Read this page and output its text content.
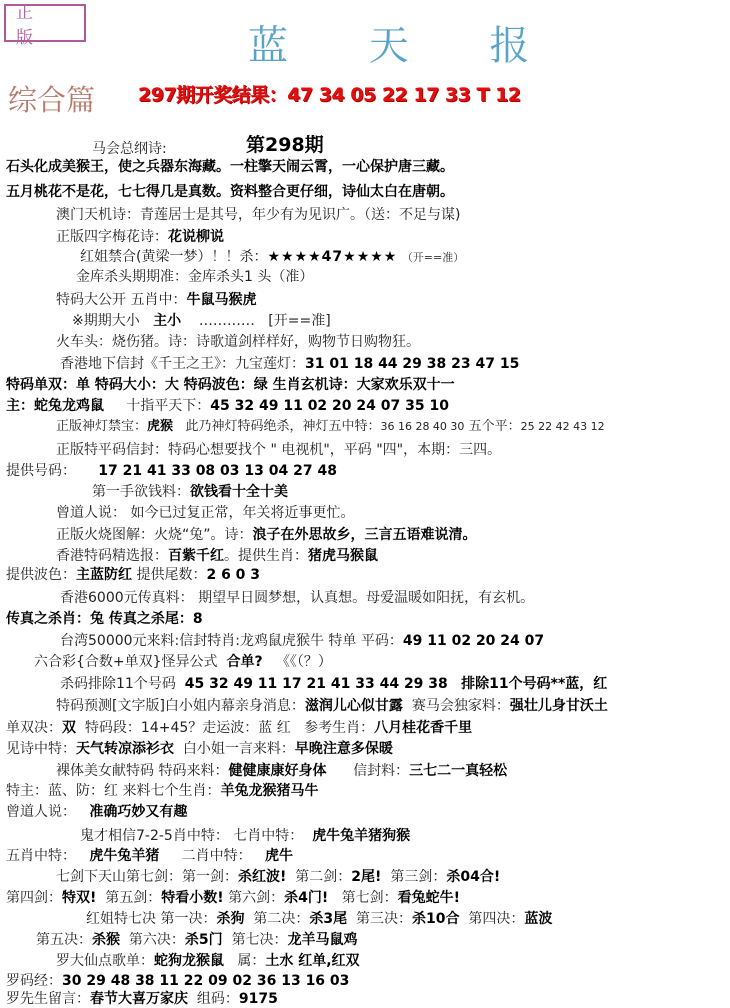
正 版	蓝 天 报
综合篇 297期开奖结果：47 34 05 22 17 33 T 12
第298期
马会总纲诗:
石头化成美猴王，使之兵器东海藏。一柱擎天闹云霄，一心保护唐三藏。
五月桃花不是花，七七得几是真数。资料整合更仔细，诗仙太白在唐朝。
澳门天机诗：青莲居士是其号，年少有为见识广。（送：不足与谋)
正版四字梅花诗：花说柳说
红姐禁合(黄梁一梦）！！杀：★★★★47★★★★ （开==准）
金库杀头期期准：金库杀头1 头（准）
特码大公开 五肖中：牛鼠马猴虎
※期期大小 主小 ………… [开==准]
火车头：烧伤猪。诗：诗歌道剑样样好，购物节日购物狂。
香港地下信封《千王之王》：九宝莲灯：31 01 18 44 29 38 23 47 15
特码单双：单 特码大小：大 特码波色：绿 生肖玄机诗：大家欢乐双十一
主：蛇兔龙鸡鼠 十指平天下：45 32 49 11 02 20 24 07 35 10
正版神灯禁宝：虎猴 此乃神灯特码绝杀，神灯五中特：36 16 28 40 30 五个平：25 22 42 43 12
正版特平码信封：特码心想要找个 " 电视机"，平码 "四"，本期：三四。
提供号码： 17 21 41 33 08 03 13 04 27 48
第一手欲钱料：欲钱看十全十美
曾道人说： 如今已过复正常，年关将近事更忙。
正版火烧图解：火烧“兔”。诗：浪子在外思故乡，三言五语难说清。
香港特码精选报：百紫千红。提供生肖：猪虎马猴鼠
提供波色：主蓝防红 提供尾数：2 6 0 3
香港6000元传真料： 期望早日圆梦想，认真想。母爱温暖如阳抚，有玄机。
传真之杀肖：兔 传真之杀尾：8
台湾50000元来料:信封特肖:龙鸡鼠虎猴牛 特单 平码：49 11 02 20 24 07
六合彩{合数+单双}怪异公式 合单? 《《（？）
杀码排除11个号码 45 32 49 11 17 21 41 33 44 29 38 排除11个号码**蓝，红
特码预测[文字版]白小姐内幕亲身消息：滋润儿心似甘露 赛马会独家料：强壮儿身甘沃土
单双决：双 特码段：14+45？走运波：蓝 红 参考生肖：八月桂花香千里
见诗中特：天气转凉添衫衣 白小姐一言来料：早晚注意多保暖
裸体美女献特码 特码来料：健健康康好身体 信封料：三七二一真轻松
特主：蓝、防：红 来料七个生肖：羊兔龙猴猪马牛
曾道人说： 准确巧妙又有趣
鬼才相信7-2-5肖中特： 七肖中特： 虎牛兔羊猪狗猴
五肖中特： 虎牛兔羊猪 二肖中特： 虎牛
七剑下天山第七剑：第一剑：杀红波! 第二剑：2尾! 第三剑：杀04合!
第四剑：特双! 第五剑：特看小数! 第六剑：杀4门! 第七剑：看兔蛇牛!
红姐特七决 第一决：杀狗 第二决：杀3尾 第三决：杀10合 第四决：蓝波
第五决：杀猴 第六决：杀5门 第七决：龙羊马鼠鸡
罗大仙点歌单：蛇狗龙猴鼠 属：土水 红单,红双
罗码经：30 29 48 38 11 22 09 02 36 13 16 03
罗先生留言：春节大喜万家庆 组码：9175
